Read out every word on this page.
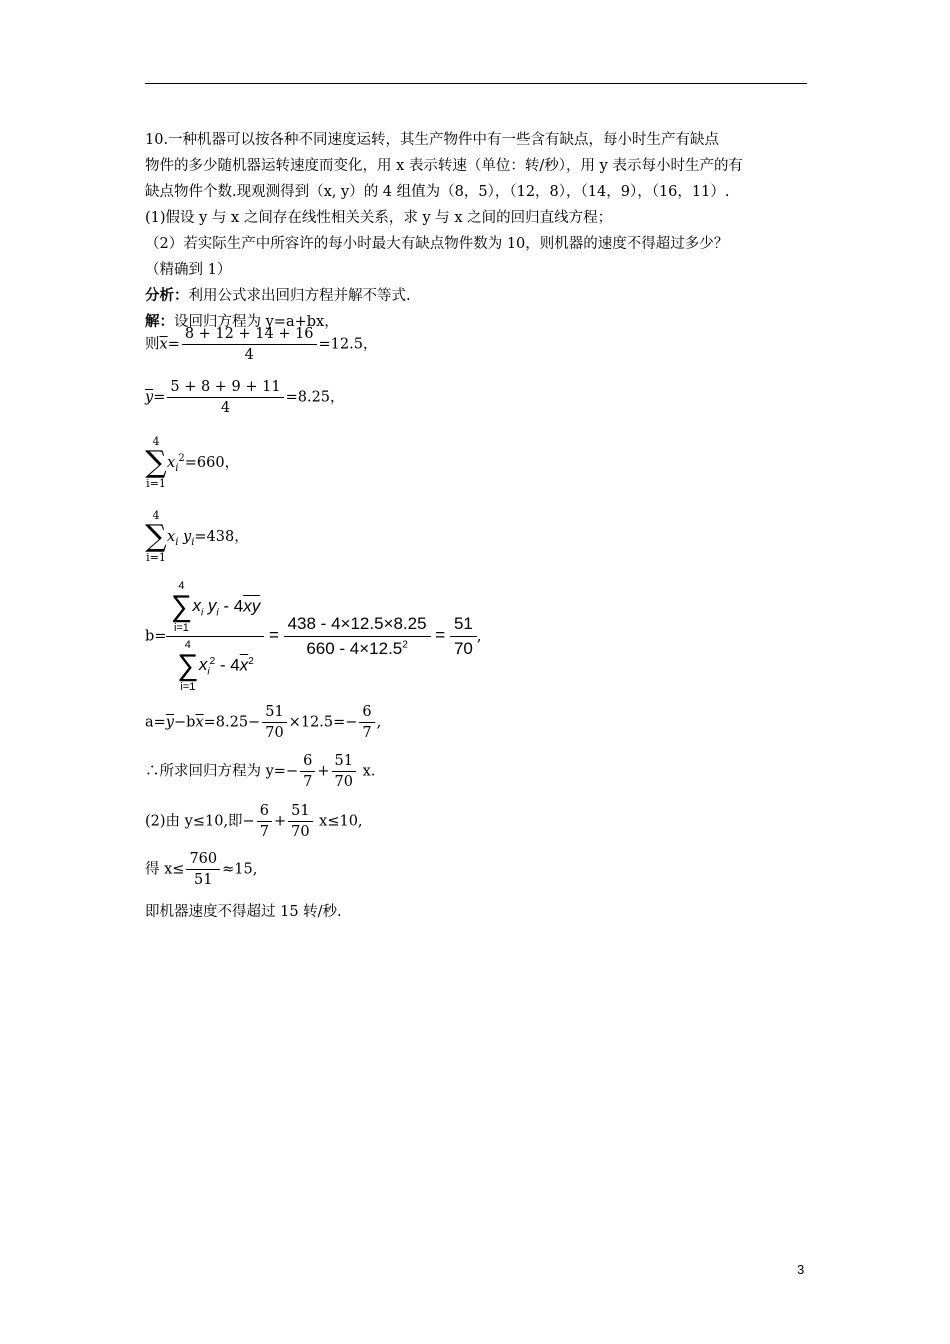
10.一种机器可以按各种不同速度运转，其生产物件中有一些含有缺点，每小时生产有缺点
物件的多少随机器运转速度而变化，用 x 表示转速（单位：转/秒），用 y 表示每小时生产的有
缺点物件个数.现观测得到（x, y）的 4 组值为（8，5），（12，8），（14，9），（16，11）.
(1)假设 y 与 x 之间存在线性相关关系，求 y 与 x 之间的回归直线方程；
（2）若实际生产中所容许的每小时最大有缺点物件数为 10，则机器的速度不得超过多少？
（精确到 1）
分析：利用公式求出回归方程并解不等式.
解：设回归方程为 y=a+bx，
则$\overline{x}= \frac{8 + 12 + 14 + 16}{4} =12.5$，
$\overline{y}= \frac{5 + 8 + 9 + 11}{4} =8.25$，
4
∑
$i=1x_i^2=660$，
4
∑
$i=1x_i$ $y_i=438$，
b= 4
∑
$i=1x_i$ $y_i - 4\overline{x}\overline{y}$
4
∑
$i=1x_i^2 - 4\overline{x}^2 = \frac{438 - 4\times 12.5\times 8.25}{660 - 4\times 12.5^2} = \frac{51}{70}$ ,
$a=\overline{y}-b\overline{x}=8.25- \frac{51}{70} \times 12.5=- \frac{6}{7}$ ,
∴所求回归方程为 $y=- \frac{6}{7} + \frac{51}{70} x$.
(2)由 y≤10,即− $\frac{6}{7} + \frac{51}{70} x\le 10$,
得 $x\le \frac{760}{51} \approx 15$,
即机器速度不得超过 15 转/秒.
3
